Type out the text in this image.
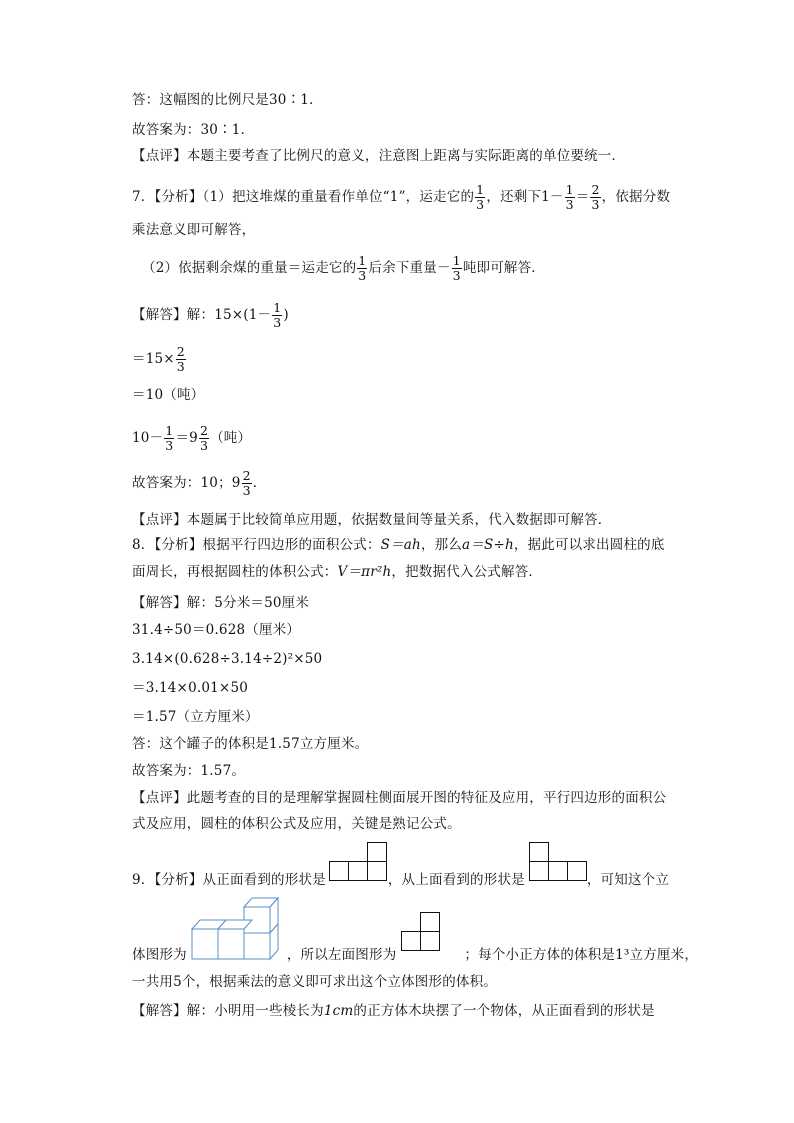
答：这幅图的比例尺是30∶1．
故答案为：30∶1．
【点评】本题主要考查了比例尺的意义，注意图上距离与实际距离的单位要统一．
7．【分析】（1）把这堆煤的重量看作单位“1”，运走它的 $\frac{1}{3}$ ，还剩下$1- \frac{1}{3} = \frac{2}{3}$ ，依据分数
乘法意义即可解答，
（2）依据剩余煤的重量＝运走它的 $\frac{1}{3}$ 后余下重量－ $\frac{1}{3}$ 吨即可解答．
【解答】解：$15\times(1- \frac{1}{3}$ )
$=15\times \frac{2}{3}$
＝10（吨）
$10- \frac{1}{3} =9 \frac{2}{3}$ （吨）
故答案为：10；$9 \frac{2}{3}$ ．
【点评】本题属于比较简单应用题，依据数量间等量关系，代入数据即可解答．
8．【分析】根据平行四边形的面积公式：S＝ah，那么a＝S÷h，据此可以求出圆柱的底
面周长，再根据圆柱的体积公式：V＝πr²h，把数据代入公式解答．
【解答】解：5分米＝50厘米
31.4÷50＝0.628（厘米）
3.14×(0.628÷3.14÷2)²×50
＝3.14×0.01×50
＝1.57（立方厘米）
答：这个罐子的体积是1.57立方厘米。
故答案为：1.57。
【点评】此题考查的目的是理解掌握圆柱侧面展开图的特征及应用，平行四边形的面积公
式及应用，圆柱的体积公式及应用，关键是熟记公式。
9．【分析】从正面看到的形状是	，从上面看到的形状是	，可知这个立
体图形为	，所以左面图形为	；每个小正方体的体积是1³立方厘米，
一共用5个，根据乘法的意义即可求出这个立体图形的体积。
【解答】解：小明用一些棱长为1cm的正方体木块摆了一个物体，从正面看到的形状是
